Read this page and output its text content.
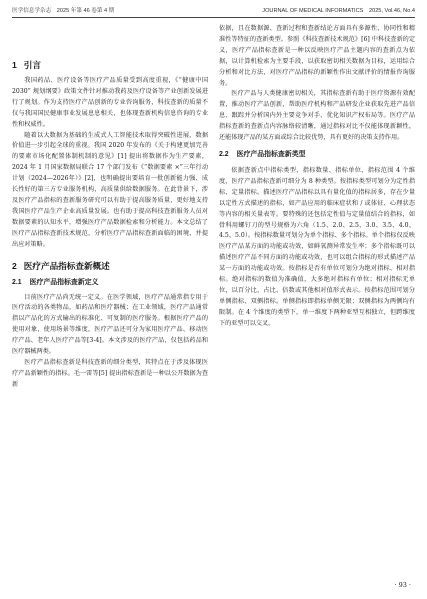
医学信息学杂志　2025 年第 46 卷第 4 期	JOURNAL OF MEDICAL INFORMATICS　2025, Vol.46, No.4
1 引言

我国药品、医疗设备等医疗产品质量受到高度重视，《“健康中国 2030” 规划纲要》政策文件针对推动我药及医疗设备等产业创新发展进行了规划。作为支持医疗产品创新的专业咨询服务，科技查新的质量不仅与我国国民健康事业发展息息相关，也体现查新机构信息咨询的专业性和权威性。

随着以大数据为基础的生成式人工智能技术取得突破性进展，数据价值进一步引起全球的重视。我国 2020 年发布的《关于构建更加完善的要素市场化配置体制机制的意见》[1] 提出将数据作为生产要素，2024 年 1 月国家数据局联合 17 个部门发布《“数据要素 ×”三年行动计划（2024—2026年）》[2]，也明确提出要培育一批创新能力强、成长性好的第三方专业服务机构，高质量供给数据服务。在此背景下，涉及医疗产品指标的查新服务研究可以有助于提高服务质量，更好地支持我国医疗产品生产企业高质量发展。也有助于提高科技查新服务人员对数据要素的认知水平，增强医疗产品数据检索和分析能力。本文总结了医疗产品指标查新技术规范，分析医疗产品指标查新面临的困境，并提出应对策略。

2 医疗产品指标查新概述
2.1 医疗产品指标查新定义

目前医疗产品尚无统一定义。在医学领域，医疗产品通常指专用于医疗活动的各类物品，如药品和医疗器械；在工业领域，医疗产品通常指以产品化的方式输出的标准化、可复制的医疗服务。根据医疗产品的使用对象，使用场景等维度，医疗产品还可分为家用医疗产品、移动医疗产品、老年人医疗产品等[3-4]。本文涉及的医疗产品，仅包括药品和医疗器械两类。

医疗产品指标查新是科技查新的细分类型，其特点在于涉及体现医疗产品新颖性的指标。毛一雷等[5] 提出指标查新是一种以公开数据为查新

依据，且在数据源、查新过程和查新结论方面具有多源性、协同性和精准性等特征的查新类型。参照《科技查新技术规范》[6] 中科技查新的定义，医疗产品指标查新是一种以反映医疗产品主题内容的查新点为依据，以计算机检索为主要手段，以获取密切相关数据为目标，运用综合分析和对比方法，对医疗产品指标的新颖性作出文献评价的情报咨询服务。

医疗产品与人类健康密切相关，其指标查新有助于医疗资源有效配置，推动医疗产品创新，帮助医疗机构和产品研发企业获取先进产品信息、跟踪并分析国内外主要竞争对手、优化知识产权布局等。医疗产品指标查新的查新点内容脉络较清晰，通过指标对比不仅能体现新颖性，还能体现产品的某方面或综合比较优势，具有更好的决策支持作用。

2.2 医疗产品指标查新类型

依据查新点中指标类型、指标数量、指标单位、指标范围 4 个维度，医疗产品指标查新可细分为 8 种类型。按指标类型可划分为定性指标、定量指标。描述医疗产品指标以具有量化值的指标居多，存在少量以定性方式描述的指标，如产品应用的临床症状和 / 或体征、心理状态等内容的相关量表等。要特殊的还包括定性值与定量值结合的指标，如骨科用螺钉刀的型号规格为六角（1.5、2.0、2.5、3.0、3.5、4.0、4.5、5.0）。按指标数量可划分为单个指标、多个指标。单个指标仅反映医疗产品某方面的功能或功效，如鲜氧测异常发生率；多个指标既可以描述医疗产品不同方面的功能或功效，也可以组合指标的形式描述产品某一方面的功能或功效。按指标是否有单位可划分为绝对指标、相对指标。绝对指标的数值为准确值，大多绝对指标有单位；相对指标无单位，以百分比、占比、倍数或其他相对值形式表示。按指标范围可划分单侧指标、双侧指标。单侧指标即指标单侧无限；双侧指标为两侧均有限制。在 4 个维度的类型下，单一维度下两种亚型互相独立，但跨维度下的亚型可以交叉。

· 93 ·
